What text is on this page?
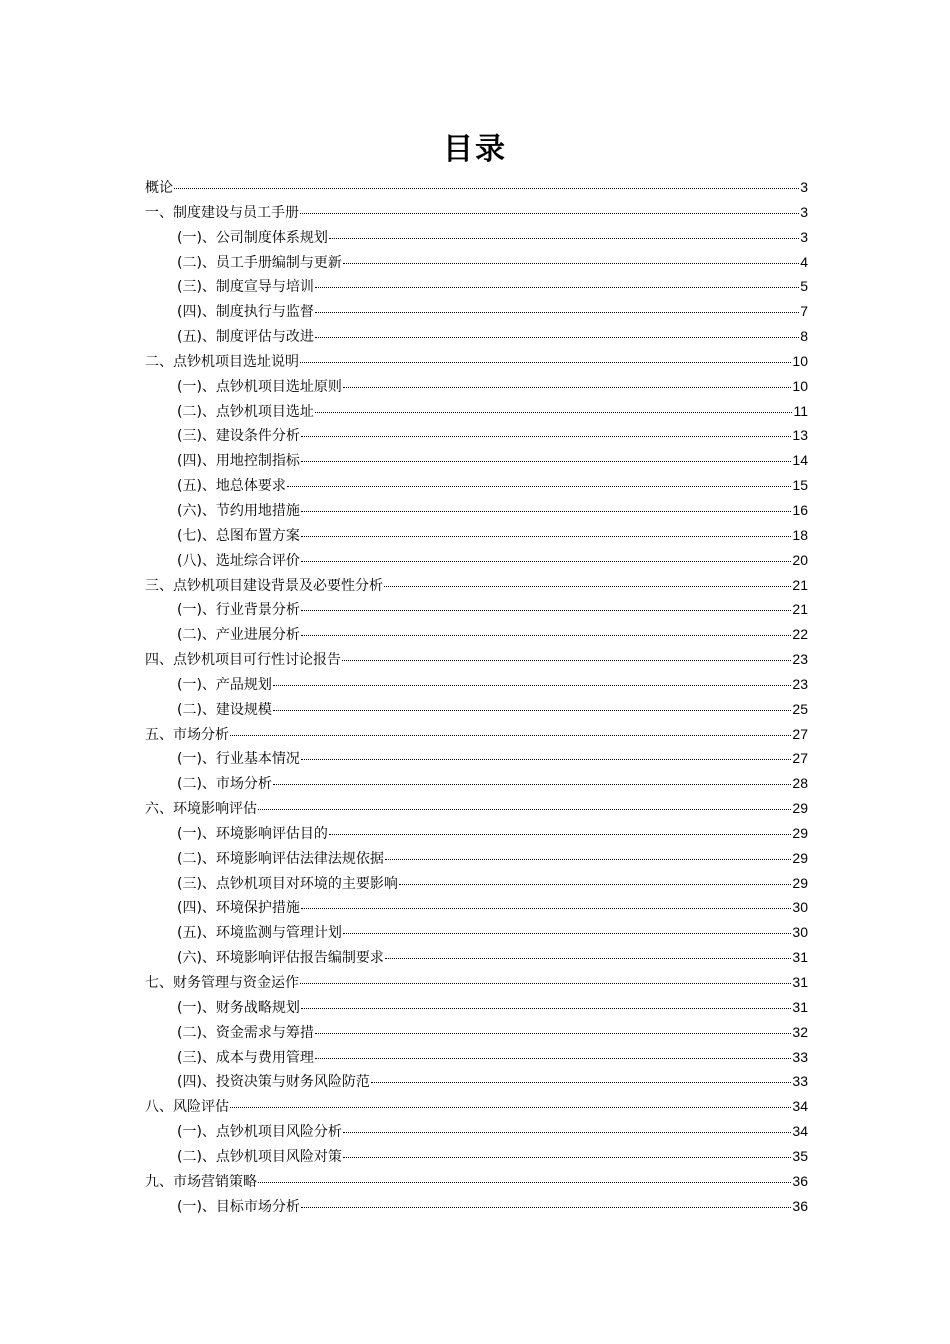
目录
概论	3
一、制度建设与员工手册	3
(一)、公司制度体系规划	3
(二)、员工手册编制与更新	4
(三)、制度宣导与培训	5
(四)、制度执行与监督	7
(五)、制度评估与改进	8
二、点钞机项目选址说明	10
(一)、点钞机项目选址原则	10
(二)、点钞机项目选址	11
(三)、建设条件分析	13
(四)、用地控制指标	14
(五)、地总体要求	15
(六)、节约用地措施	16
(七)、总图布置方案	18
(八)、选址综合评价	20
三、点钞机项目建设背景及必要性分析	21
(一)、行业背景分析	21
(二)、产业进展分析	22
四、点钞机项目可行性讨论报告	23
(一)、产品规划	23
(二)、建设规模	25
五、市场分析	27
(一)、行业基本情况	27
(二)、市场分析	28
六、环境影响评估	29
(一)、环境影响评估目的	29
(二)、环境影响评估法律法规依据	29
(三)、点钞机项目对环境的主要影响	29
(四)、环境保护措施	30
(五)、环境监测与管理计划	30
(六)、环境影响评估报告编制要求	31
七、财务管理与资金运作	31
(一)、财务战略规划	31
(二)、资金需求与筹措	32
(三)、成本与费用管理	33
(四)、投资决策与财务风险防范	33
八、风险评估	34
(一)、点钞机项目风险分析	34
(二)、点钞机项目风险对策	35
九、市场营销策略	36
(一)、目标市场分析	36
